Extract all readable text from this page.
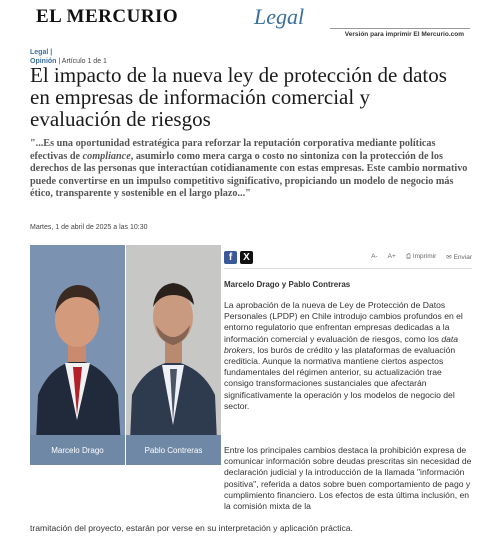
EL MERCURIO	Legal
Versión para imprimir El Mercurio.com
Legal |
Opinión | Artículo 1 de 1
El impacto de la nueva ley de protección de datos en empresas de información comercial y evaluación de riesgos

"...Es una oportunidad estratégica para reforzar la reputación corporativa mediante políticas efectivas de compliance, asumirlo como mera carga o costo no sintoniza con la protección de los derechos de las personas que interactúan cotidianamente con estas empresas. Este cambio normativo puede convertirse en un impulso competitivo significativo, propiciando un modelo de negocio más ético, transparente y sostenible en el largo plazo..."

Martes, 1 de abril de 2025 a las 10:30
Marcelo Drago	Pablo Contreras
f	X	A- A+ ⎙ Imprimir ✉ Enviar
Marcelo Drago y Pablo Contreras

La aprobación de la nueva de Ley de Protección de Datos Personales (LPDP) en Chile introdujo cambios profundos en el entorno regulatorio que enfrentan empresas dedicadas a la información comercial y evaluación de riesgos, como los data brokers, los burós de crédito y las plataformas de evaluación crediticia. Aunque la normativa mantiene ciertos aspectos fundamentales del régimen anterior, su actualización trae consigo transformaciones sustanciales que afectarán significativamente la operación y los modelos de negocio del sector.

Entre los principales cambios destaca la prohibición expresa de comunicar información sobre deudas prescritas sin necesidad de declaración judicial y la introducción de la llamada "información positiva", referida a datos sobre buen comportamiento de pago y cumplimiento financiero. Los efectos de esta última inclusión, en la comisión mixta de la

tramitación del proyecto, estarán por verse en su interpretación y aplicación práctica.
